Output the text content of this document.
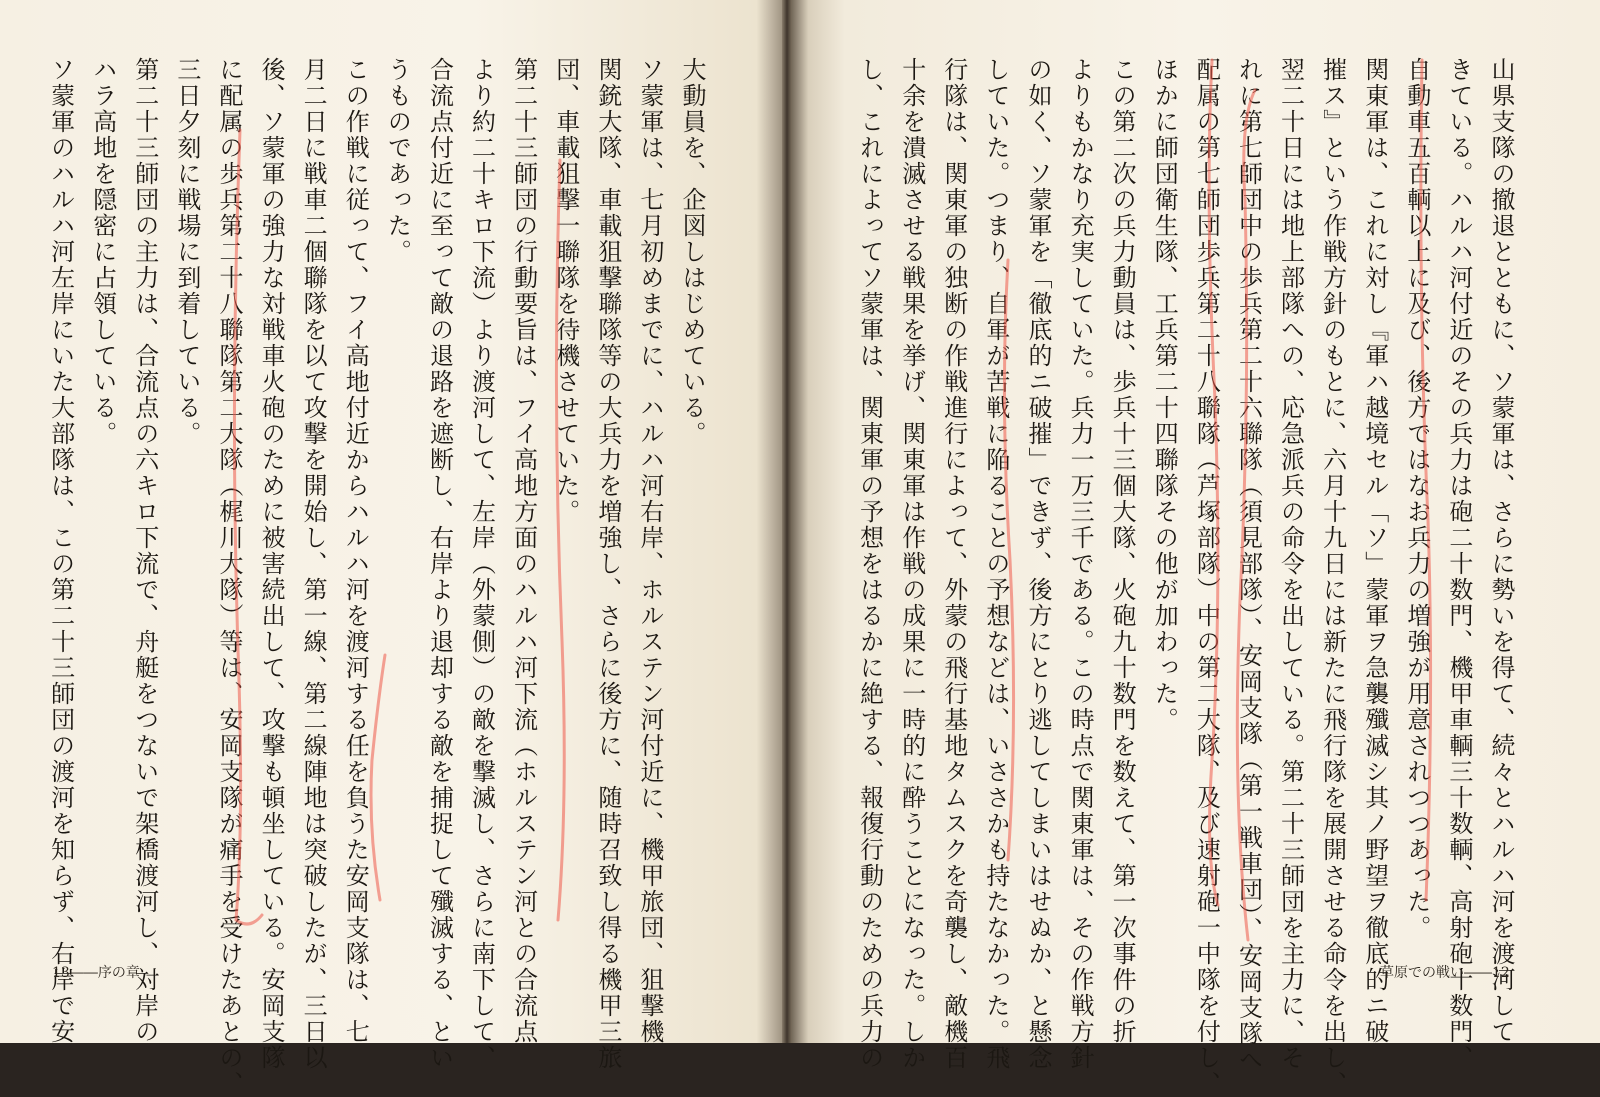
大動員を、企図しはじめている。
ソ蒙軍は、七月初めまでに、ハルハ河右岸、ホルステン河付近に、機甲旅団、狙撃機
関銃大隊、車載狙撃聯隊等の大兵力を増強し、さらに後方に、随時召致し得る機甲三旅
団、車載狙撃一聯隊を待機させていた。
第二十三師団の行動要旨は、フイ高地方面のハルハ河下流（ホルステン河との合流点
より約二十キロ下流）より渡河して、左岸（外蒙側）の敵を撃滅し、さらに南下して、
合流点付近に至って敵の退路を遮断し、右岸より退却する敵を捕捉して殲滅する、とい
うものであった。
この作戦に従って、フイ高地付近からハルハ河を渡河する任を負うた安岡支隊は、七
月二日に戦車二個聯隊を以て攻撃を開始し、第一線、第二線陣地は突破したが、三日以
後、ソ蒙軍の強力な対戦車火砲のために被害続出して、攻撃も頓坐している。安岡支隊
に配属の歩兵第二十八聯隊第二大隊（梶川大隊）等は、安岡支隊が痛手を受けたあとの、
三日夕刻に戦場に到着している。
第二十三師団の主力は、合流点の六キロ下流で、舟艇をつないで架橋渡河し、対岸の
ハラ高地を隠密に占領している。
ソ蒙軍のハルハ河左岸にいた大部隊は、この第二十三師団の渡河を知らず、右岸で安	山県支隊の撤退とともに、ソ蒙軍は、さらに勢いを得て、続々とハルハ河を渡河して
きている。ハルハ河付近のその兵力は砲二十数門、機甲車輌三十数輌、高射砲十数門、
自動車五百輌以上に及び、後方ではなお兵力の増強が用意されつつあった。
関東軍は、これに対し『軍ハ越境セル「ソ」蒙軍ヲ急襲殲滅シ其ノ野望ヲ徹底的ニ破
摧ス』という作戦方針のもとに、六月十九日には新たに飛行隊を展開させる命令を出し、
翌二十日には地上部隊への、応急派兵の命令を出している。第二十三師団を主力に、そ
れに第七師団中の歩兵第二十六聯隊（須見部隊）、安岡支隊（第一戦車団）、安岡支隊へ
配属の第七師団歩兵第二十八聯隊（芦塚部隊）中の第二大隊、及び速射砲一中隊を付し、
ほかに師団衛生隊、工兵第二十四聯隊その他が加わった。
この第二次の兵力動員は、歩兵十三個大隊、火砲九十数門を数えて、第一次事件の折
よりもかなり充実していた。兵力一万三千である。この時点で関東軍は、その作戦方針
の如く、ソ蒙軍を「徹底的ニ破摧」できず、後方にとり逃してしまいはせぬか、と懸念
していた。つまり、自軍が苦戦に陥ることの予想などは、いささかも持たなかった。飛
行隊は、関東軍の独断の作戦進行によって、外蒙の飛行基地タムスクを奇襲し、敵機百
十余を潰滅させる戦果を挙げ、関東軍は作戦の成果に一時的に酔うことになった。しか
し、これによってソ蒙軍は、関東軍の予想をはるかに絶する、報復行動のための兵力の
13――序の章	草原での戦い――12
